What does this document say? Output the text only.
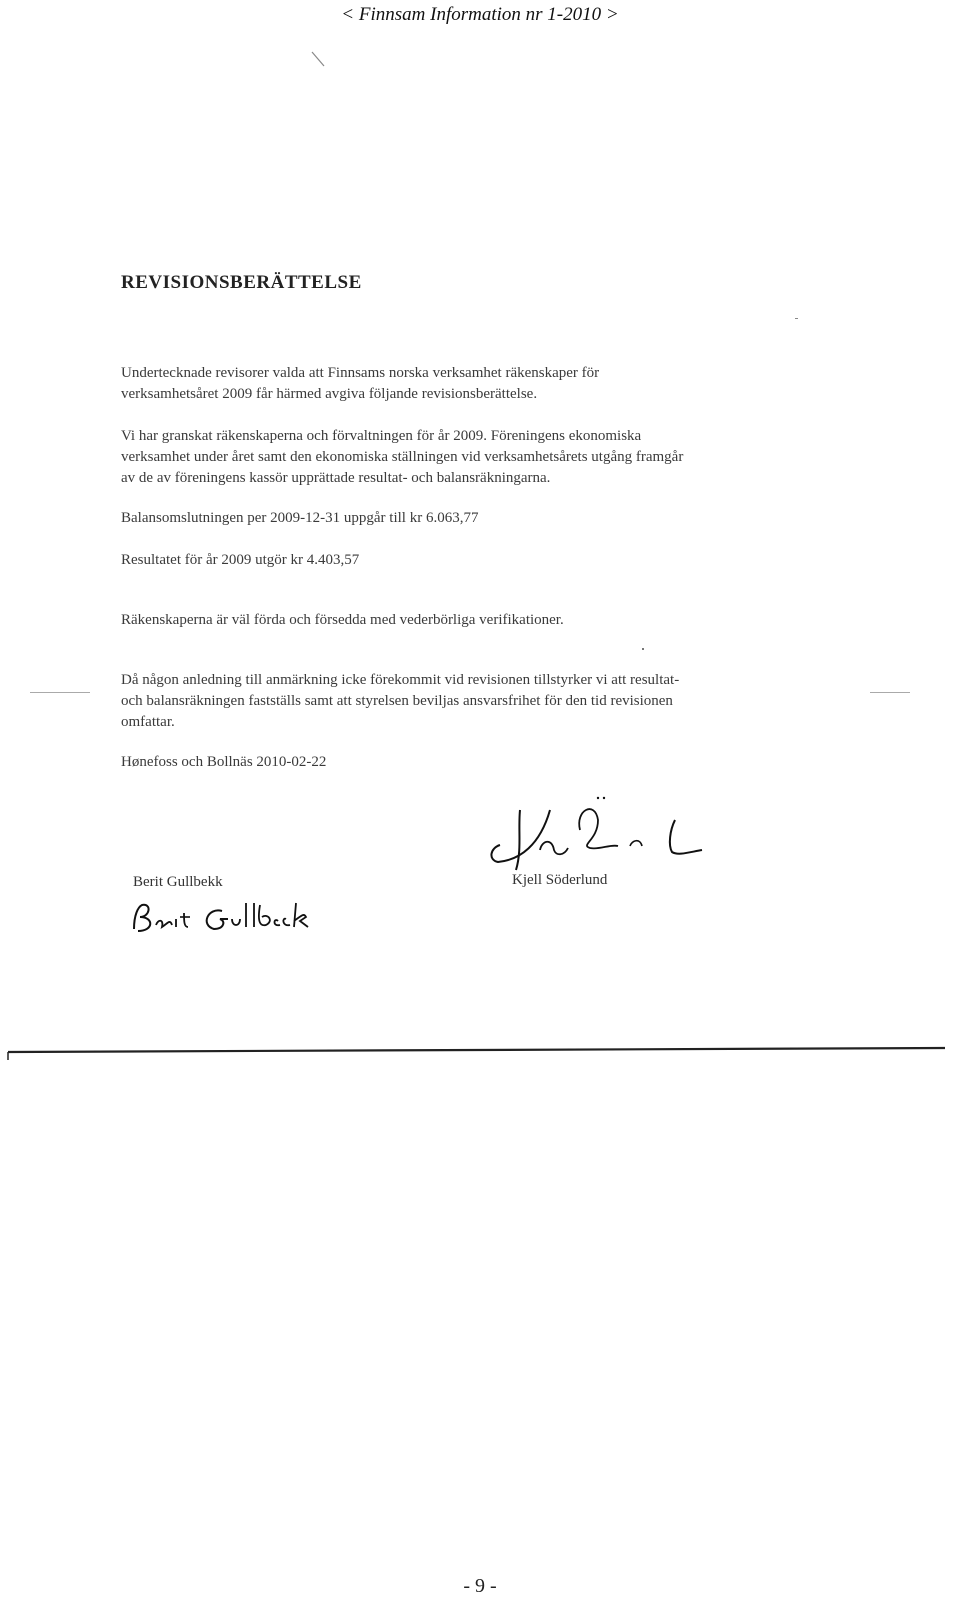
< Finnsam Information nr 1-2010 >
REVISIONSBERÄTTELSE
Undertecknade revisorer valda att Finnsams norska verksamhet räkenskaper för
verksamhetsåret 2009 får härmed avgiva följande revisionsberättelse.
Vi har granskat räkenskaperna och förvaltningen för år 2009. Föreningens ekonomiska
verksamhet under året samt den ekonomiska ställningen vid verksamhetsårets utgång framgår
av de av föreningens kassör upprättade resultat- och balansräkningarna.
Balansomslutningen per 2009-12-31 uppgår till kr 6.063,77
Resultatet för år 2009 utgör kr 4.403,57
Räkenskaperna är väl förda och försedda med vederbörliga verifikationer.
Då någon anledning till anmärkning icke förekommit vid revisionen tillstyrker vi att resultat-
och balansräkningen fastställs samt att styrelsen beviljas ansvarsfrihet för den tid revisionen
omfattar.
Hønefoss och Bollnäs 2010-02-22
Berit Gullbekk	Kjell Söderlund
- 9 -
